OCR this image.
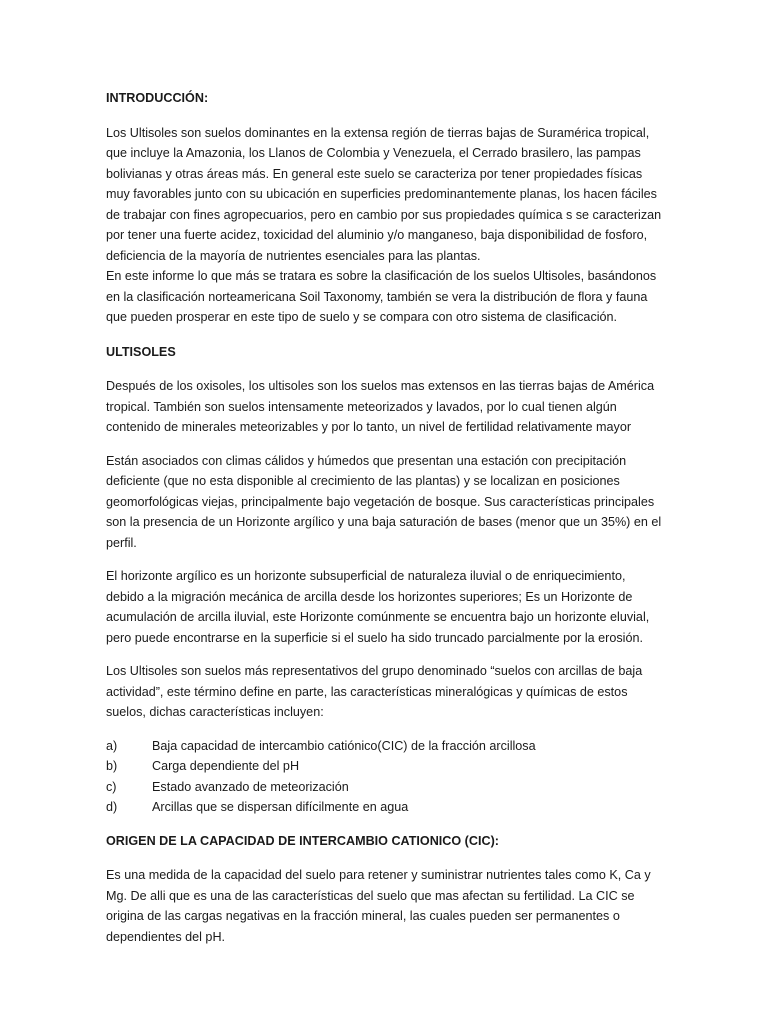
INTRODUCCIÓN:

Los Ultisoles son suelos dominantes en la extensa región de tierras bajas de Suramérica tropical, que incluye la Amazonia, los Llanos de Colombia y Venezuela, el Cerrado brasilero, las pampas bolivianas y otras áreas más. En general este suelo se caracteriza por tener propiedades físicas muy favorables junto con su ubicación en superficies predominantemente planas, los hacen fáciles de trabajar con fines agropecuarios, pero en cambio por sus propiedades química s se caracterizan por tener una fuerte acidez, toxicidad del aluminio y/o manganeso, baja disponibilidad de fosforo, deficiencia de la mayoría de nutrientes esenciales para las plantas.

En este informe lo que más se tratara es sobre la clasificación de los suelos Ultisoles, basándonos en la clasificación norteamericana Soil Taxonomy, también se vera la distribución de flora y fauna que pueden prosperar en este tipo de suelo y se compara con otro sistema de clasificación.

ULTISOLES

Después de los oxisoles, los ultisoles son los suelos mas extensos en las tierras bajas de América tropical. También son suelos intensamente meteorizados y lavados, por lo cual tienen algún contenido de minerales meteorizables y por lo tanto, un nivel de fertilidad relativamente mayor

Están asociados con climas cálidos y húmedos que presentan una estación con precipitación deficiente (que no esta disponible al crecimiento de las plantas) y se localizan en posiciones geomorfológicas viejas, principalmente bajo vegetación de bosque. Sus características principales son la presencia de un Horizonte argílico y una baja saturación de bases (menor que un 35%) en el perfil.

El horizonte argílico es un horizonte subsuperficial de naturaleza iluvial o de enriquecimiento, debido a la migración mecánica de arcilla desde los horizontes superiores; Es un Horizonte de acumulación de arcilla iluvial, este Horizonte comúnmente se encuentra bajo un horizonte eluvial, pero puede encontrarse en la superficie si el suelo ha sido truncado parcialmente por la erosión.

Los Ultisoles son suelos más representativos del grupo denominado “suelos con arcillas de baja actividad”, este término define en parte, las características mineralógicas y químicas de estos suelos, dichas características incluyen:

a)	Baja capacidad de intercambio catiónico(CIC) de la fracción arcillosa
b)	Carga dependiente del pH
c)	Estado avanzado de meteorización
d)	Arcillas que se dispersan difícilmente en agua

ORIGEN DE LA CAPACIDAD DE INTERCAMBIO CATIONICO (CIC):

Es una medida de la capacidad del suelo para retener y suministrar nutrientes tales como K, Ca y Mg. De alli que es una de las características del suelo que mas afectan su fertilidad. La CIC se origina de las cargas negativas en la fracción mineral, las cuales pueden ser permanentes o dependientes del pH.
